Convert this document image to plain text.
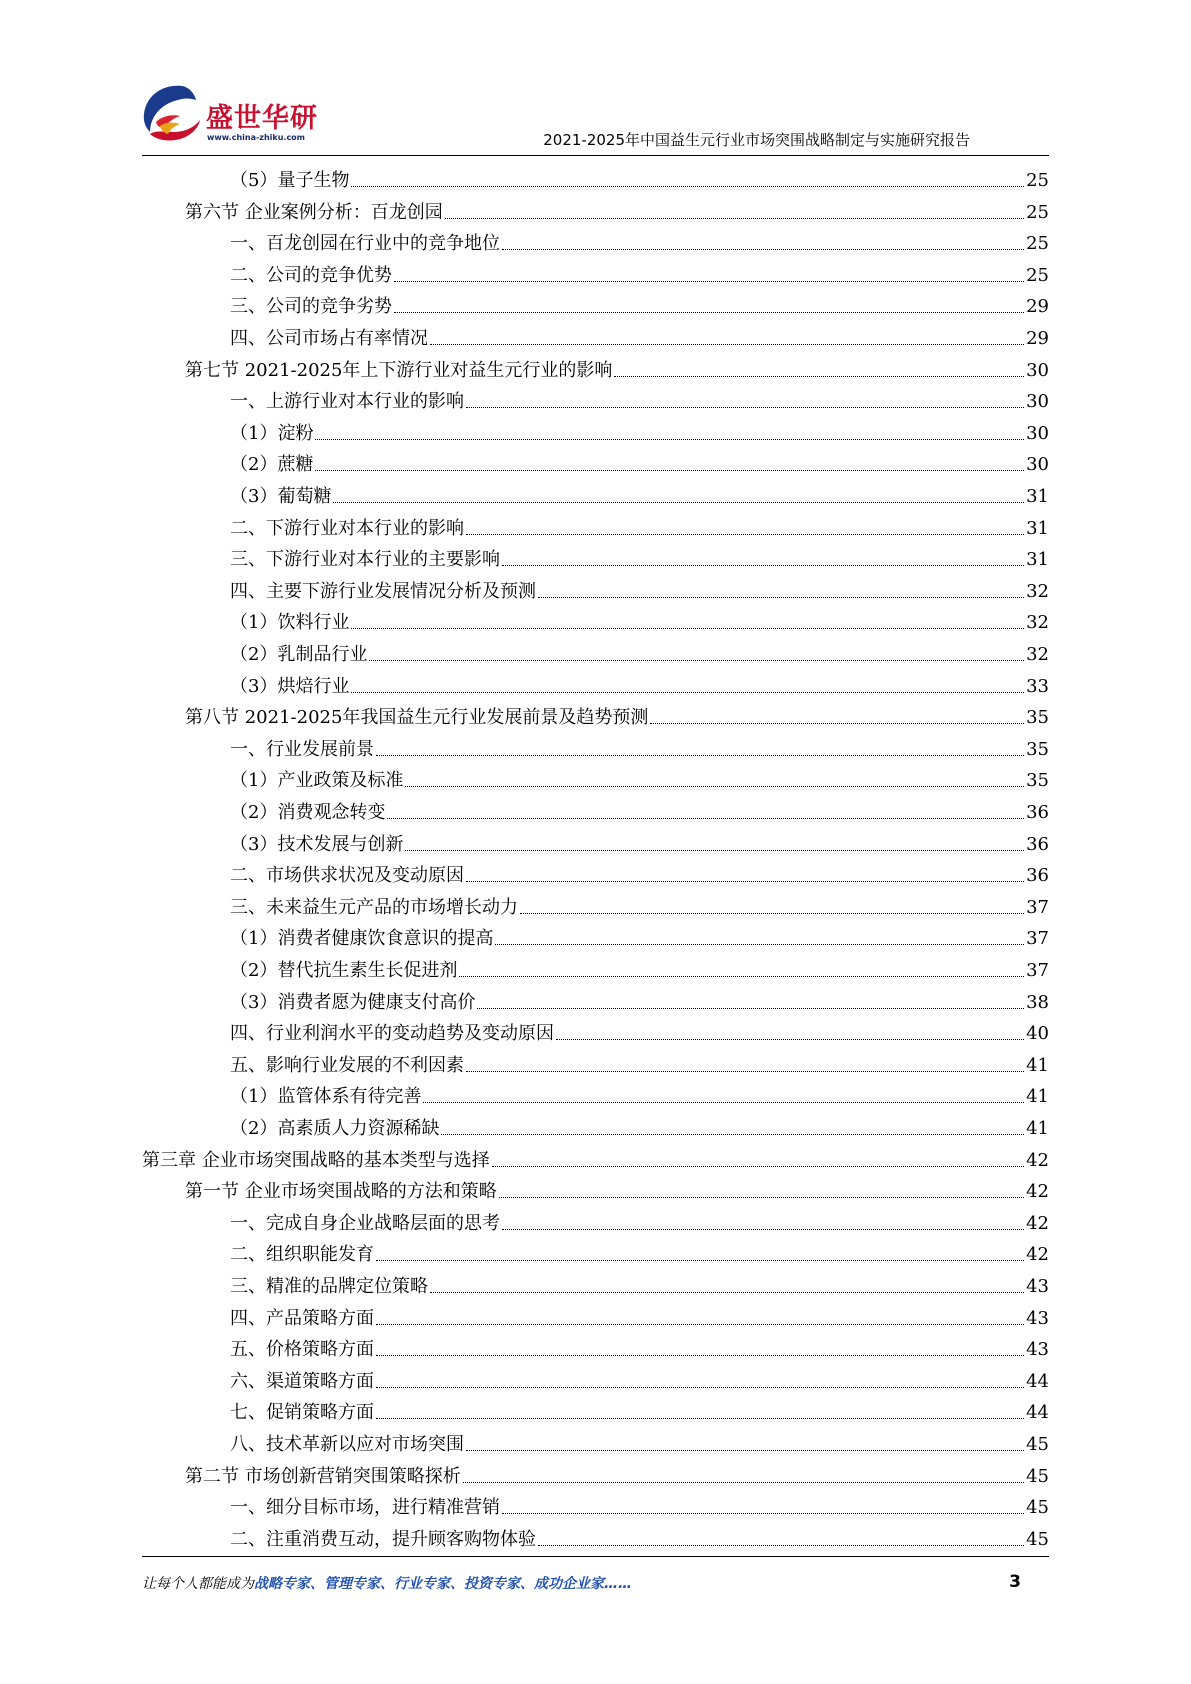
盛世华研
www.china-zhiku.com	2021-2025年中国益生元行业市场突围战略制定与实施研究报告
（5）量子生物	25
第六节 企业案例分析：百龙创园	25
一、百龙创园在行业中的竞争地位	25
二、公司的竞争优势	25
三、公司的竞争劣势	29
四、公司市场占有率情况	29
第七节 2021-2025年上下游行业对益生元行业的影响	30
一、上游行业对本行业的影响	30
（1）淀粉	30
（2）蔗糖	30
（3）葡萄糖	31
二、下游行业对本行业的影响	31
三、下游行业对本行业的主要影响	31
四、主要下游行业发展情况分析及预测	32
（1）饮料行业	32
（2）乳制品行业	32
（3）烘焙行业	33
第八节 2021-2025年我国益生元行业发展前景及趋势预测	35
一、行业发展前景	35
（1）产业政策及标准	35
（2）消费观念转变	36
（3）技术发展与创新	36
二、市场供求状况及变动原因	36
三、未来益生元产品的市场增长动力	37
（1）消费者健康饮食意识的提高	37
（2）替代抗生素生长促进剂	37
（3）消费者愿为健康支付高价	38
四、行业利润水平的变动趋势及变动原因	40
五、影响行业发展的不利因素	41
（1）监管体系有待完善	41
（2）高素质人力资源稀缺	41
第三章 企业市场突围战略的基本类型与选择	42
第一节 企业市场突围战略的方法和策略	42
一、完成自身企业战略层面的思考	42
二、组织职能发育	42
三、精准的品牌定位策略	43
四、产品策略方面	43
五、价格策略方面	43
六、渠道策略方面	44
七、促销策略方面	44
八、技术革新以应对市场突围	45
第二节 市场创新营销突围策略探析	45
一、细分目标市场，进行精准营销	45
二、注重消费互动，提升顾客购物体验	45
让每个人都能成为战略专家、管理专家、行业专家、投资专家、成功企业家……	3
